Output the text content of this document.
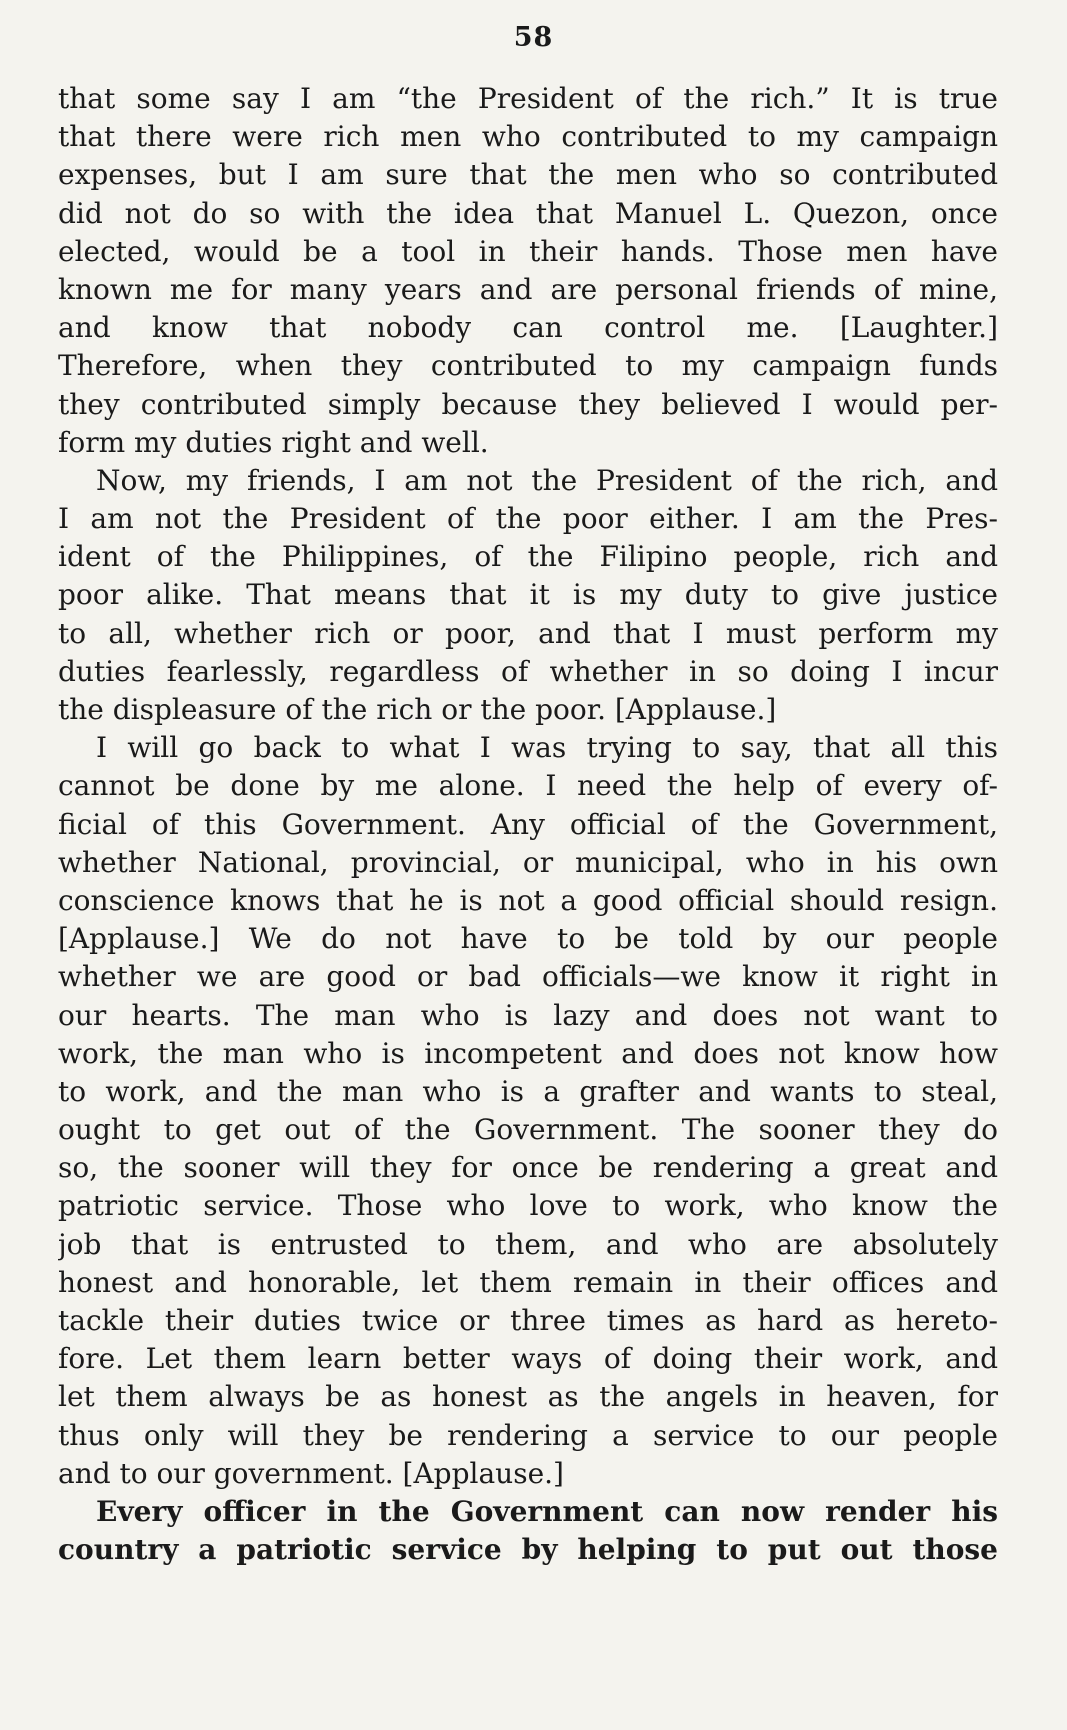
58
that some say I am “the President of the rich.” It is true
that there were rich men who contributed to my campaign
expenses, but I am sure that the men who so contributed
did not do so with the idea that Manuel L. Quezon, once
elected, would be a tool in their hands. Those men have
known me for many years and are personal friends of mine,
and know that nobody can control me. [Laughter.]
Therefore, when they contributed to my campaign funds
they contributed simply because they believed I would per-
form my duties right and well.
Now, my friends, I am not the President of the rich, and
I am not the President of the poor either. I am the Pres-
ident of the Philippines, of the Filipino people, rich and
poor alike. That means that it is my duty to give justice
to all, whether rich or poor, and that I must perform my
duties fearlessly, regardless of whether in so doing I incur
the displeasure of the rich or the poor. [Applause.]
I will go back to what I was trying to say, that all this
cannot be done by me alone. I need the help of every of-
ficial of this Government. Any official of the Government,
whether National, provincial, or municipal, who in his own
conscience knows that he is not a good official should resign.
[Applause.] We do not have to be told by our people
whether we are good or bad officials—we know it right in
our hearts. The man who is lazy and does not want to
work, the man who is incompetent and does not know how
to work, and the man who is a grafter and wants to steal,
ought to get out of the Government. The sooner they do
so, the sooner will they for once be rendering a great and
patriotic service. Those who love to work, who know the
job that is entrusted to them, and who are absolutely
honest and honorable, let them remain in their offices and
tackle their duties twice or three times as hard as hereto-
fore. Let them learn better ways of doing their work, and
let them always be as honest as the angels in heaven, for
thus only will they be rendering a service to our people
and to our government. [Applause.]
Every officer in the Government can now render his
country a patriotic service by helping to put out those
